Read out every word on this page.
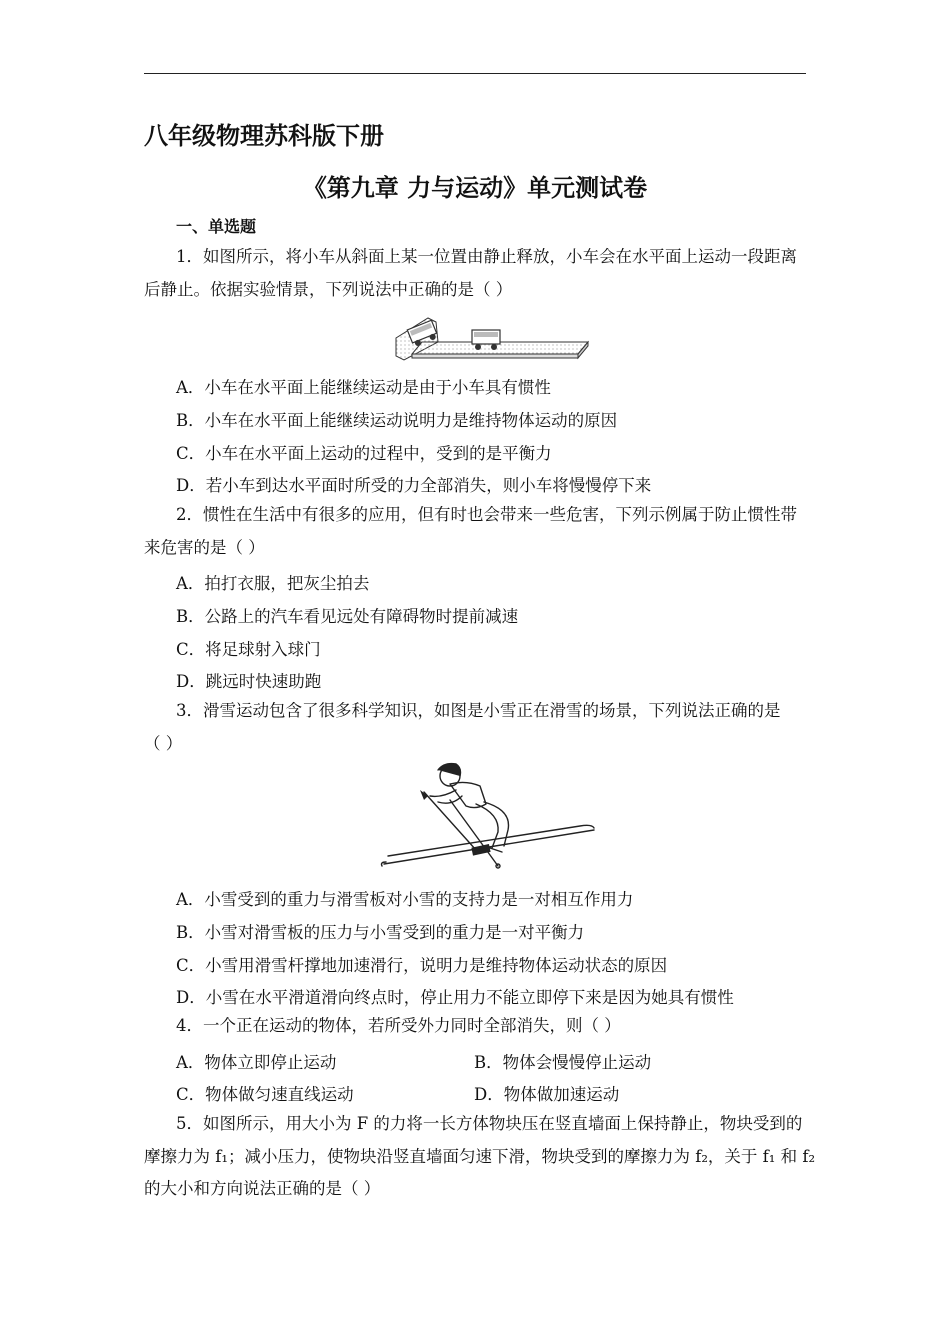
八年级物理苏科版下册
《第九章 力与运动》单元测试卷
一、单选题
1．如图所示，将小车从斜面上某一位置由静止释放，小车会在水平面上运动一段距离
后静止。依据实验情景，下列说法中正确的是（ ）
A．小车在水平面上能继续运动是由于小车具有惯性
B．小车在水平面上能继续运动说明力是维持物体运动的原因
C．小车在水平面上运动的过程中，受到的是平衡力
D．若小车到达水平面时所受的力全部消失，则小车将慢慢停下来
2．惯性在生活中有很多的应用，但有时也会带来一些危害，下列示例属于防止惯性带
来危害的是（ ）
A．拍打衣服，把灰尘拍去
B．公路上的汽车看见远处有障碍物时提前减速
C．将足球射入球门
D．跳远时快速助跑
3．滑雪运动包含了很多科学知识，如图是小雪正在滑雪的场景，下列说法正确的是
（ ）
A．小雪受到的重力与滑雪板对小雪的支持力是一对相互作用力
B．小雪对滑雪板的压力与小雪受到的重力是一对平衡力
C．小雪用滑雪杆撑地加速滑行，说明力是维持物体运动状态的原因
D．小雪在水平滑道滑向终点时，停止用力不能立即停下来是因为她具有惯性
4．一个正在运动的物体，若所受外力同时全部消失，则（ ）
A．物体立即停止运动	B．物体会慢慢停止运动
C．物体做匀速直线运动	D．物体做加速运动
5．如图所示，用大小为 F 的力将一长方体物块压在竖直墙面上保持静止，物块受到的
摩擦力为 f₁；减小压力，使物块沿竖直墙面匀速下滑，物块受到的摩擦力为 f₂，关于 f₁ 和 f₂
的大小和方向说法正确的是（ ）
